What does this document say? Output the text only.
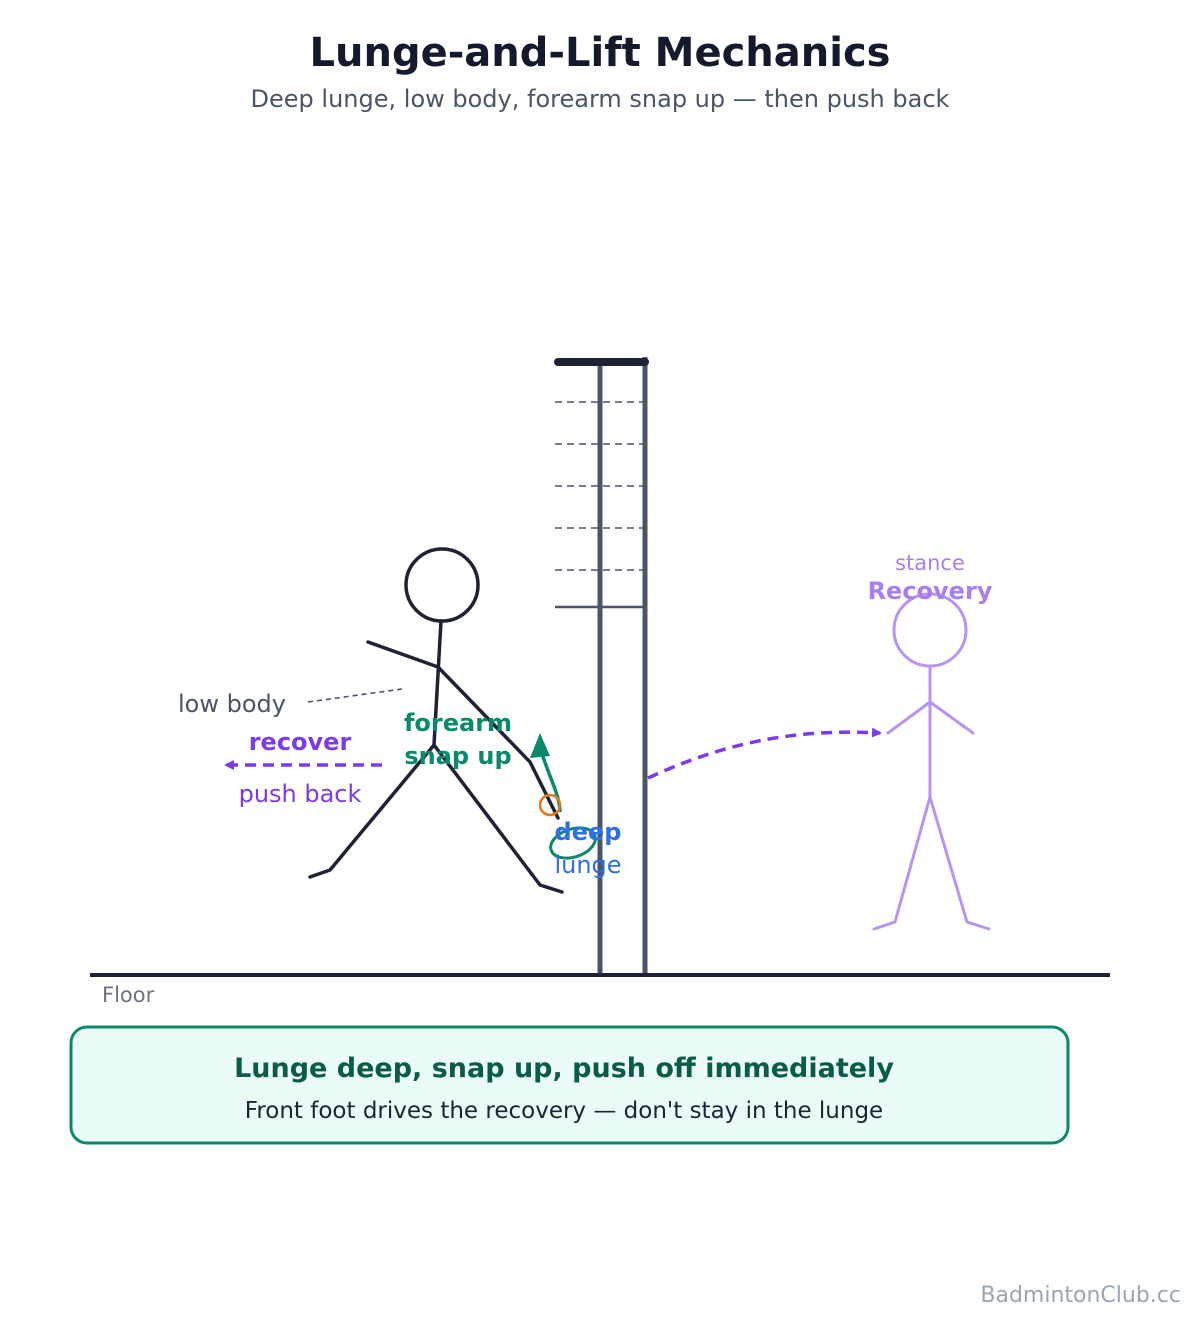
Lunge-and-Lift Mechanics
Deep lunge, low body, forearm snap up — then push back
Floor
low body
recover
push back
forearm
snap up
deep
lunge
stance
Recovery
Lunge deep, snap up, push off immediately
Front foot drives the recovery — don't stay in the lunge
BadmintonClub.cc
